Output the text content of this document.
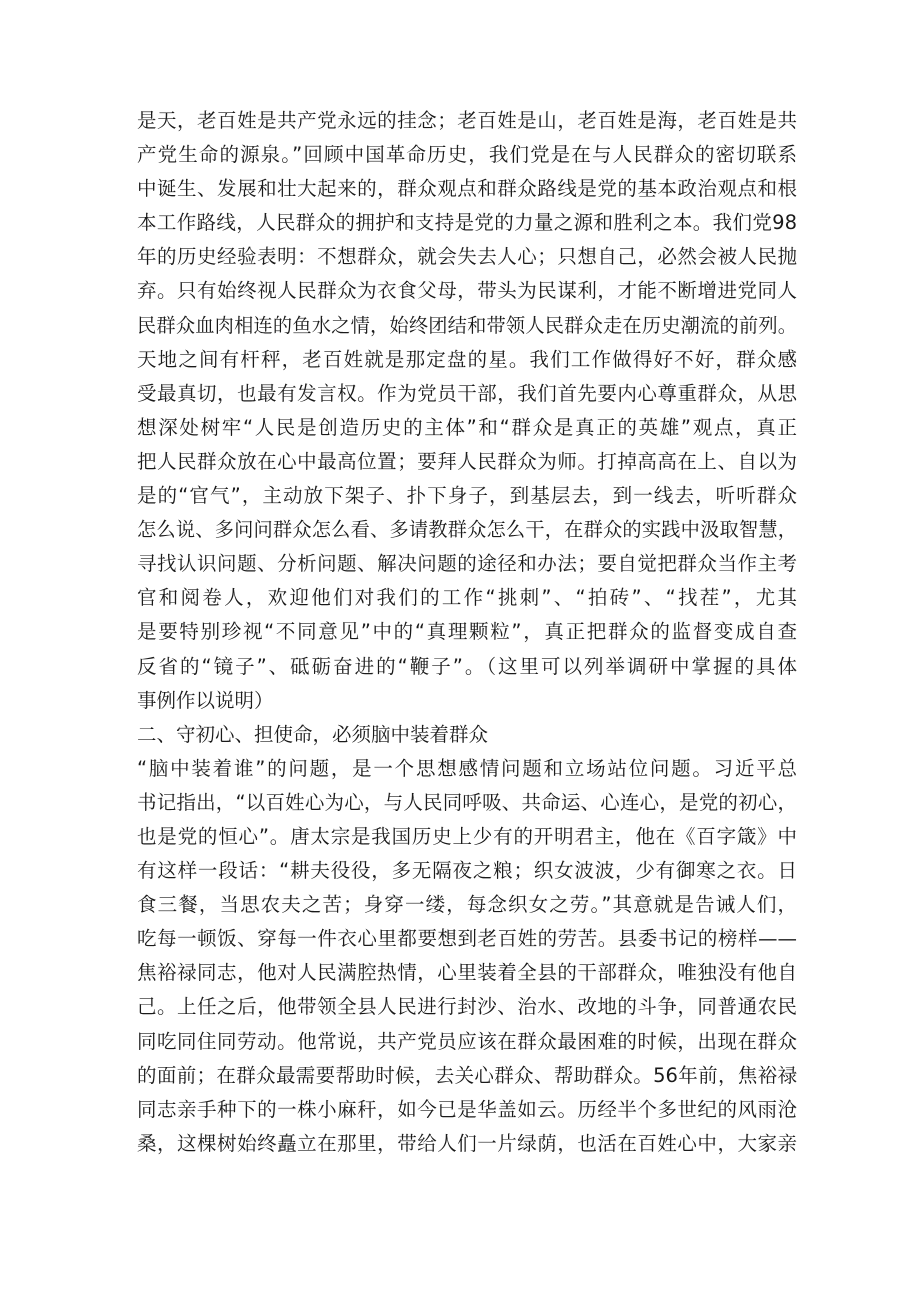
是天，老百姓是共产党永远的挂念；老百姓是山，老百姓是海，老百姓是共
产党生命的源泉。”回顾中国革命历史，我们党是在与人民群众的密切联系
中诞生、发展和壮大起来的，群众观点和群众路线是党的基本政治观点和根
本工作路线，人民群众的拥护和支持是党的力量之源和胜利之本。我们党98
年的历史经验表明：不想群众，就会失去人心；只想自己，必然会被人民抛
弃。只有始终视人民群众为衣食父母，带头为民谋利，才能不断增进党同人
民群众血肉相连的鱼水之情，始终团结和带领人民群众走在历史潮流的前列。
天地之间有杆秤，老百姓就是那定盘的星。我们工作做得好不好，群众感
受最真切，也最有发言权。作为党员干部，我们首先要内心尊重群众，从思
想深处树牢“人民是创造历史的主体”和“群众是真正的英雄”观点，真正
把人民群众放在心中最高位置；要拜人民群众为师。打掉高高在上、自以为
是的“官气”，主动放下架子、扑下身子，到基层去，到一线去，听听群众
怎么说、多问问群众怎么看、多请教群众怎么干，在群众的实践中汲取智慧，
寻找认识问题、分析问题、解决问题的途径和办法；要自觉把群众当作主考
官和阅卷人，欢迎他们对我们的工作“挑刺”、“拍砖”、“找茬”，尤其
是要特别珍视“不同意见”中的“真理颗粒”，真正把群众的监督变成自查
反省的“镜子”、砥砺奋进的“鞭子”。（这里可以列举调研中掌握的具体
事例作以说明）
二、守初心、担使命，必须脑中装着群众
“脑中装着谁”的问题，是一个思想感情问题和立场站位问题。习近平总
书记指出，“以百姓心为心，与人民同呼吸、共命运、心连心，是党的初心，
也是党的恒心”。唐太宗是我国历史上少有的开明君主，他在《百字箴》中
有这样一段话：“耕夫役役，多无隔夜之粮；织女波波，少有御寒之衣。日
食三餐，当思农夫之苦；身穿一缕，每念织女之劳。”其意就是告诫人们，
吃每一顿饭、穿每一件衣心里都要想到老百姓的劳苦。县委书记的榜样——
焦裕禄同志，他对人民满腔热情，心里装着全县的干部群众，唯独没有他自
己。上任之后，他带领全县人民进行封沙、治水、改地的斗争，同普通农民
同吃同住同劳动。他常说，共产党员应该在群众最困难的时候，出现在群众
的面前；在群众最需要帮助时候，去关心群众、帮助群众。56年前，焦裕禄
同志亲手种下的一株小麻秆，如今已是华盖如云。历经半个多世纪的风雨沧
桑，这棵树始终矗立在那里，带给人们一片绿荫，也活在百姓心中，大家亲
